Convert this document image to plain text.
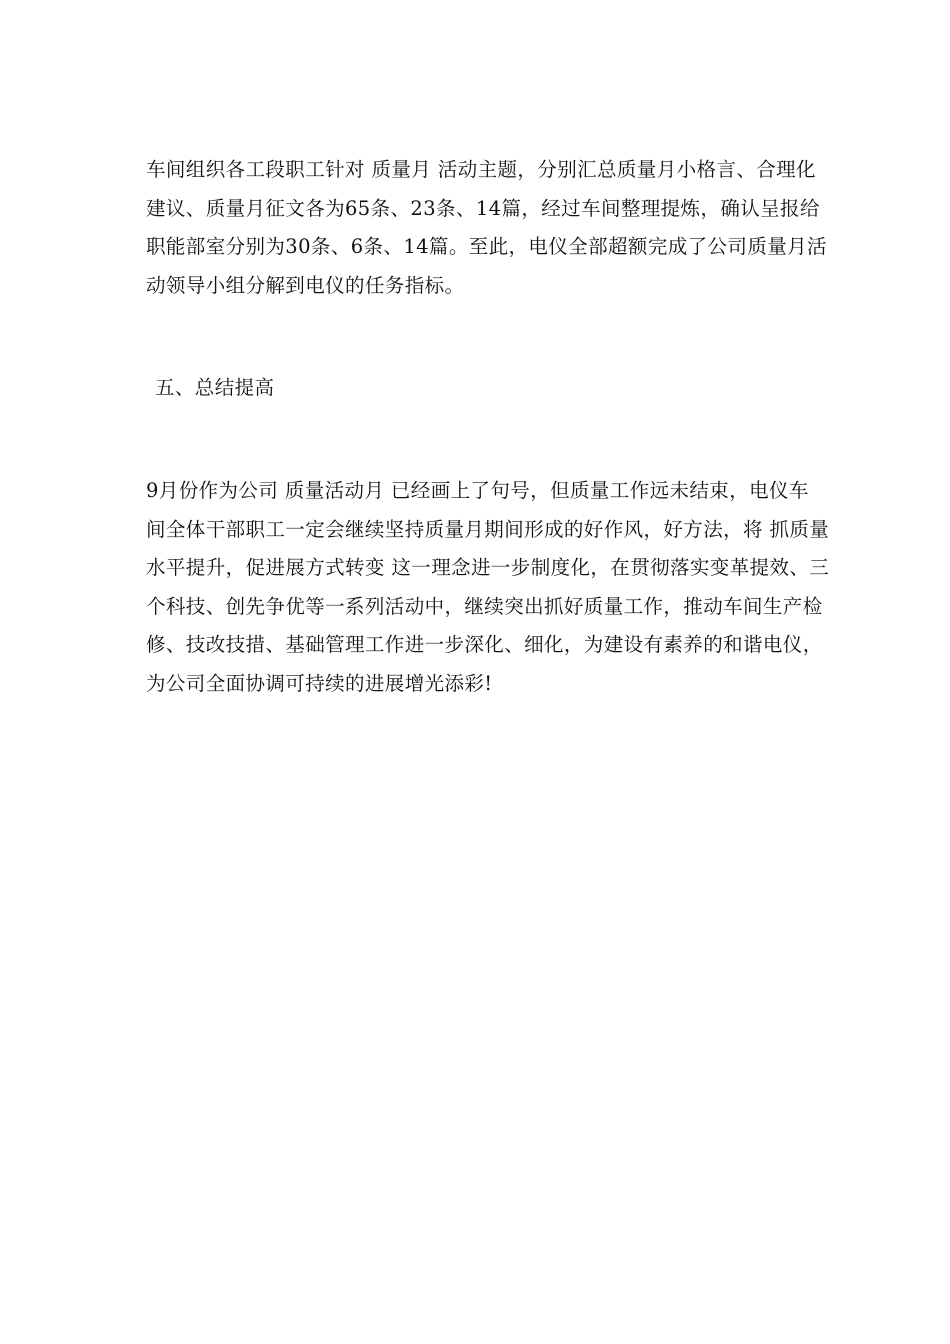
车间组织各工段职工针对 质量月 活动主题，分别汇总质量月小格言、合理化
建议、质量月征文各为65条、23条、14篇，经过车间整理提炼，确认呈报给
职能部室分别为30条、6条、14篇。至此，电仪全部超额完成了公司质量月活
动领导小组分解到电仪的任务指标。

五、总结提高

9月份作为公司 质量活动月 已经画上了句号，但质量工作远未结束，电仪车
间全体干部职工一定会继续坚持质量月期间形成的好作风，好方法，将 抓质量
水平提升，促进展方式转变 这一理念进一步制度化，在贯彻落实变革提效、三
个科技、创先争优等一系列活动中，继续突出抓好质量工作，推动车间生产检
修、技改技措、基础管理工作进一步深化、细化，为建设有素养的和谐电仪，
为公司全面协调可持续的进展增光添彩!
